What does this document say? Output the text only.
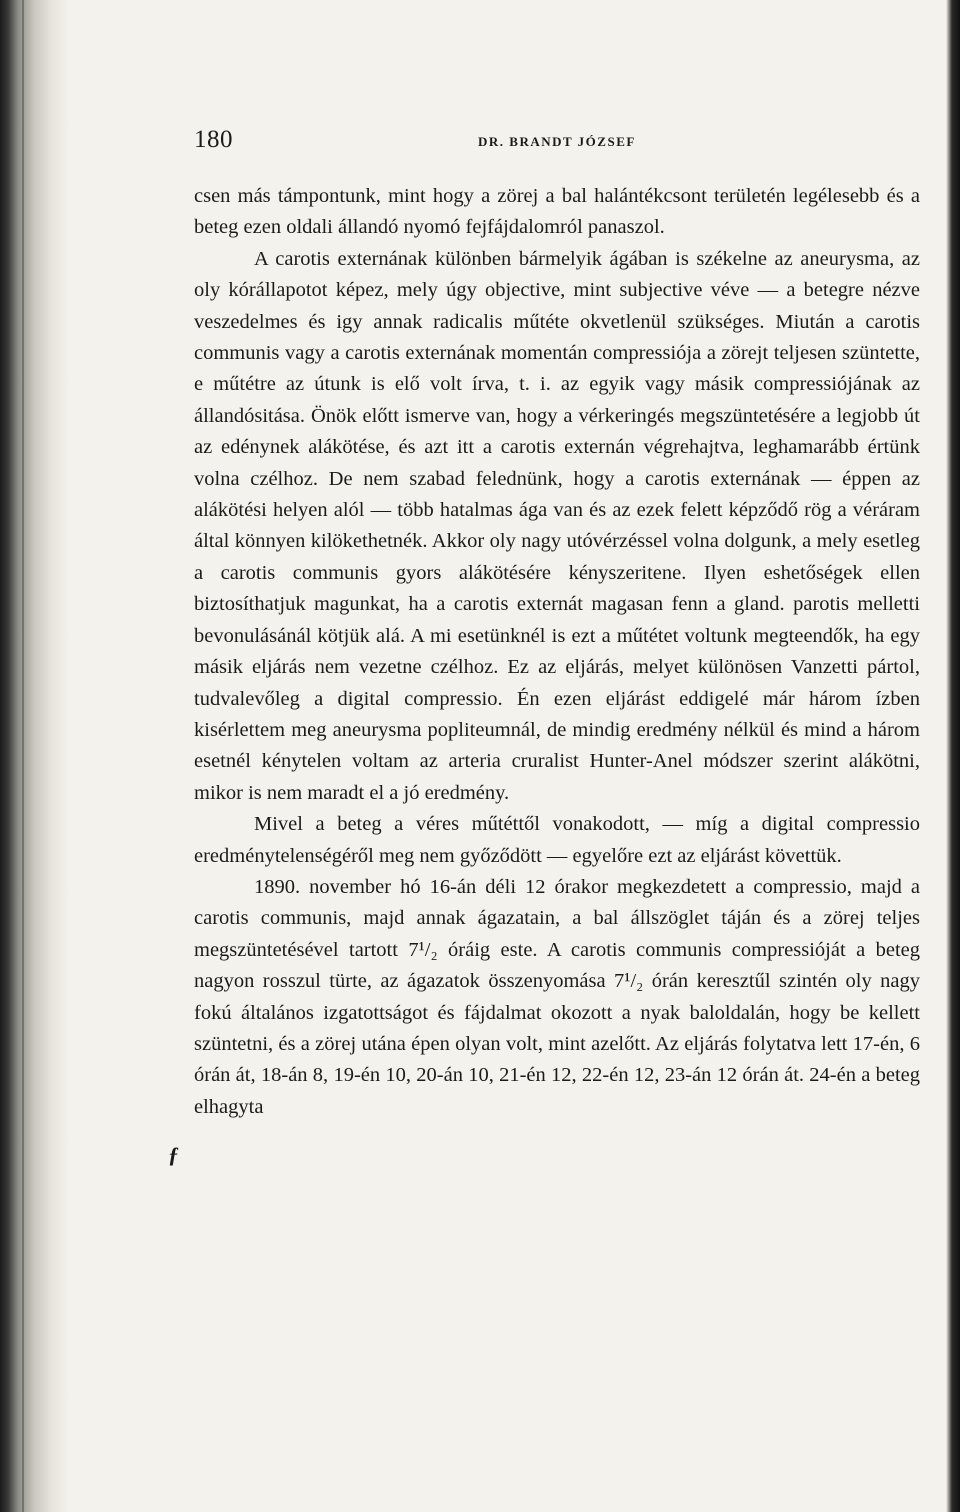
180	DR. BRANDT JÓZSEF

csen más támpontunk, mint hogy a zörej a bal halántékcsont területén legélesebb és a beteg ezen oldali állandó nyomó fejfájdalomról panaszol.

A carotis externának különben bármelyik ágában is székelne az aneurysma, az oly kórállapotot képez, mely úgy objective, mint subjective véve — a betegre nézve veszedelmes és igy annak radicalis műtéte okvetlenül szükséges. Miután a carotis communis vagy a carotis externának momentán compressiója a zörejt teljesen szüntette, e műtétre az útunk is elő volt írva, t. i. az egyik vagy másik compressiójának az állandósitása. Önök előtt ismerve van, hogy a vérkeringés megszüntetésére a legjobb út az edénynek alákötése, és azt itt a carotis externán végrehajtva, leghamarább értünk volna czélhoz. De nem szabad felednünk, hogy a carotis externának — éppen az alákötési helyen alól — több hatalmas ága van és az ezek felett képződő rög a véráram által könnyen kilökethetnék. Akkor oly nagy utóvérzéssel volna dolgunk, a mely esetleg a carotis communis gyors alákötésére kényszeritene. Ilyen eshetőségek ellen biztosíthatjuk magunkat, ha a carotis externát magasan fenn a gland. parotis melletti bevonulásánál kötjük alá. A mi esetünknél is ezt a műtétet voltunk megteendők, ha egy másik eljárás nem vezetne czélhoz. Ez az eljárás, melyet különösen Vanzetti pártol, tudvalevőleg a digital compressio. Én ezen eljárást eddigelé már három ízben kisérlettem meg aneurysma popliteumnál, de mindig eredmény nélkül és mind a három esetnél kénytelen voltam az arteria cruralist Hunter-Anel módszer szerint alákötni, mikor is nem maradt el a jó eredmény.

Mivel a beteg a véres műtéttől vonakodott, — míg a digital compressio eredménytelenségéről meg nem győződött — egyelőre ezt az eljárást követtük.

1890. november hó 16-án déli 12 órakor megkezdetett a compressio, majd a carotis communis, majd annak ágazatain, a bal állszöglet táján és a zörej teljes megszüntetésével tartott 7¹/₂ óráig este. A carotis communis compressióját a beteg nagyon rosszul türte, az ágazatok összenyomása 7¹/₂ órán keresztűl szintén oly nagy fokú általános izgatottságot és fájdalmat okozott a nyak baloldalán, hogy be kellett szüntetni, és a zörej utána épen olyan volt, mint azelőtt. Az eljárás folytatva lett 17-én, 6 órán át, 18-án 8, 19-én 10, 20-án 10, 21-én 12, 22-én 12, 23-án 12 órán át. 24-én a beteg elhagyta

ƒ
